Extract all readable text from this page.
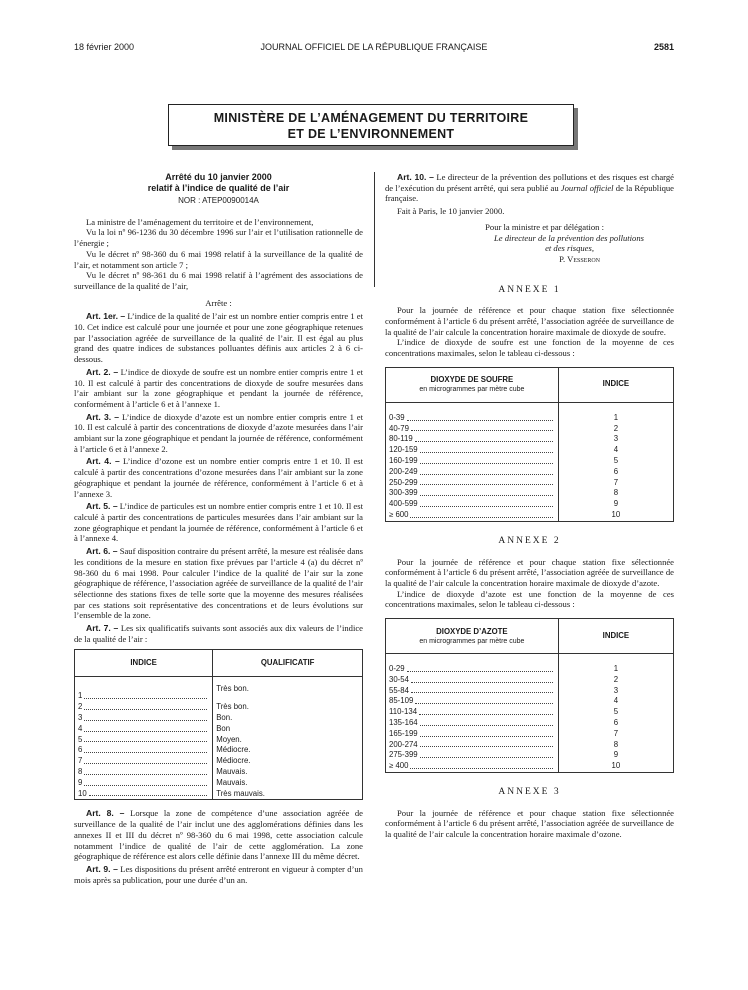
18 février 2000	JOURNAL OFFICIEL DE LA RÉPUBLIQUE FRANÇAISE	2581
MINISTÈRE DE L’AMÉNAGEMENT DU TERRITOIRE
ET DE L’ENVIRONNEMENT

Arrêté du 10 janvier 2000

relatif à l’indice de qualité de l’air

NOR : ATEP0090014A

La ministre de l’aménagement du territoire et de l’environnement,

Vu la loi nº 96-1236 du 30 décembre 1996 sur l’air et l’utilisation rationnelle de l’énergie ;

Vu le décret nº 98-360 du 6 mai 1998 relatif à la surveillance de la qualité de l’air, et notamment son article 7 ;

Vu le décret nº 98-361 du 6 mai 1998 relatif à l’agrément des associations de surveillance de la qualité de l’air,

Arrête :

Art. 1er. – L’indice de la qualité de l’air est un nombre entier compris entre 1 et 10. Cet indice est calculé pour une journée et pour une zone géographique retenues par l’association agréée de surveillance de la qualité de l’air. Il est égal au plus grand des quatre indices de substances polluantes définis aux articles 2 à 6 ci-dessous.

Art. 2. – L’indice de dioxyde de soufre est un nombre entier compris entre 1 et 10. Il est calculé à partir des concentrations de dioxyde de soufre mesurées dans l’air ambiant sur la zone géographique et pendant la journée de référence, conformément à l’article 6 et à l’annexe 1.

Art. 3. – L’indice de dioxyde d’azote est un nombre entier compris entre 1 et 10. Il est calculé à partir des concentrations de dioxyde d’azote mesurées dans l’air ambiant sur la zone géographique et pendant la journée de référence, conformément à l’article 6 et à l’annexe 2.

Art. 4. – L’indice d’ozone est un nombre entier compris entre 1 et 10. Il est calculé à partir des concentrations d’ozone mesurées dans l’air ambiant sur la zone géographique et pendant la journée de référence, conformément à l’article 6 et à l’annexe 3.

Art. 5. – L’indice de particules est un nombre entier compris entre 1 et 10. Il est calculé à partir des concentrations de particules mesurées dans l’air ambiant sur la zone géographique et pendant la journée de référence, conformément à l’article 6 et à l’annexe 4.

Art. 6. – Sauf disposition contraire du présent arrêté, la mesure est réalisée dans les conditions de la mesure en station fixe prévues par l’article 4 (a) du décret nº 98-360 du 6 mai 1998. Pour calculer l’indice de la qualité de l’air sur la zone géographique de référence, l’association agréée de surveillance de la qualité de l’air sélectionne des stations fixes de telle sorte que la moyenne des mesures réalisées par ces stations soit représentative des concentrations et de leurs évolutions sur l’ensemble de la zone.

Art. 7. – Les six qualificatifs suivants sont associés aux dix valeurs de l’indice de la qualité de l’air :

INDICE	QUALIFICATIF

1	Très bon.

2	Très bon.

3	Bon.

4	Bon

5	Moyen.

6	Médiocre.

7	Médiocre.

8	Mauvais.

9	Mauvais.

10	Très mauvais.

Art. 8. – Lorsque la zone de compétence d’une association agréée de surveillance de la qualité de l’air inclut une des agglomérations définies dans les annexes II et III du décret nº 98-360 du 6 mai 1998, cette association calcule notamment l’indice de qualité de l’air de cette agglomération. La zone géographique de référence est alors celle définie dans l’annexe III du même décret.

Art. 9. – Les dispositions du présent arrêté entreront en vigueur à compter d’un mois après sa publication, pour une durée d’un an.

Art. 10. – Le directeur de la prévention des pollutions et des risques est chargé de l’exécution du présent arrêté, qui sera publié au Journal officiel de la République française.

Fait à Paris, le 10 janvier 2000.

Pour la ministre et par délégation :

Le directeur de la prévention des pollutions

et des risques,

P. Vesseron

ANNEXE 1

Pour la journée de référence et pour chaque station fixe sélectionnée conformément à l’article 6 du présent arrêté, l’association agréée de surveillance de la qualité de l’air calcule la concentration horaire maximale de dioxyde de soufre.

L’indice de dioxyde de soufre est une fonction de la moyenne de ces concentrations maximales, selon le tableau ci-dessous :

DIOXYDE DE SOUFRE
en microgrammes par mètre cube	INDICE

0-39	1

40-79	2

80-119	3

120-159	4

160-199	5

200-249	6

250-299	7

300-399	8

400-599	9

≥ 600	10
ANNEXE 2

Pour la journée de référence et pour chaque station fixe sélectionnée conformément à l’article 6 du présent arrêté, l’association agréée de surveillance de la qualité de l’air calcule la concentration horaire maximale de dioxyde d’azote.

L’indice de dioxyde d’azote est une fonction de la moyenne de ces concentrations maximales, selon le tableau ci-dessous :

DIOXYDE D’AZOTE
en microgrammes par mètre cube	INDICE

0-29	1

30-54	2

55-84	3

85-109	4

110-134	5

135-164	6

165-199	7

200-274	8

275-399	9

≥ 400	10
ANNEXE 3

Pour la journée de référence et pour chaque station fixe sélectionnée conformément à l’article 6 du présent arrêté, l’association agréée de surveillance de la qualité de l’air calcule la concentration horaire maximale d’ozone.
